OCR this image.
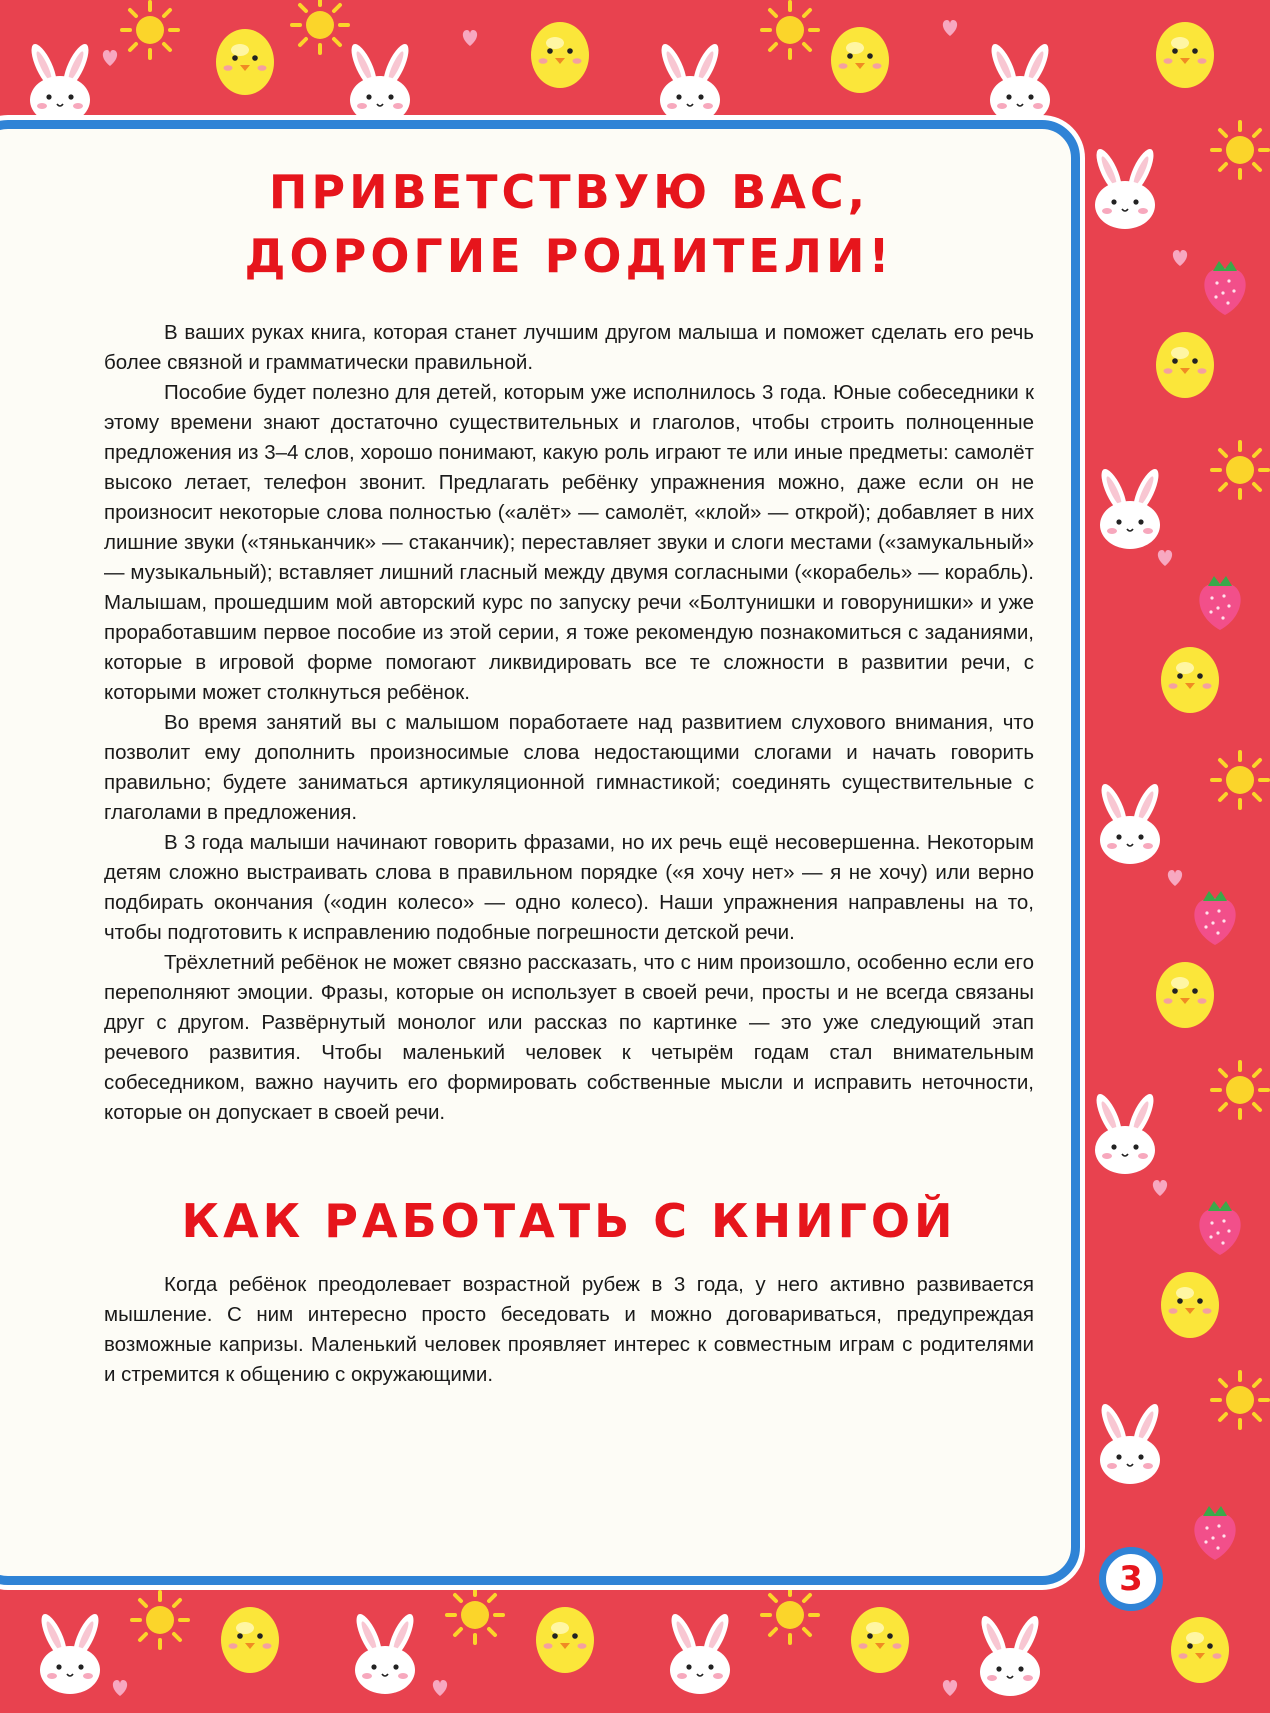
ПРИВЕТСТВУЮ ВАС,
ДОРОГИЕ РОДИТЕЛИ!

В ваших руках книга, которая станет лучшим другом малыша и поможет сделать его речь более связной и грамматически правильной.

Пособие будет полезно для детей, которым уже исполнилось 3 года. Юные собеседники к этому времени знают достаточно существительных и глаголов, чтобы строить полноценные предложения из 3–4 слов, хорошо понимают, какую роль играют те или иные предметы: самолёт высоко летает, телефон звонит. Предлагать ребёнку упражнения можно, даже если он не произносит некоторые слова полностью («алёт» — самолёт, «клой» — открой); добавляет в них лишние звуки («тяньканчик» — стаканчик); переставляет звуки и слоги местами («замукальный» — музыкальный); вставляет лишний гласный между двумя согласными («корабель» — корабль). Малышам, прошедшим мой авторский курс по запуску речи «Болтунишки и говорунишки» и уже проработавшим первое пособие из этой серии, я тоже рекомендую познакомиться с заданиями, которые в игровой форме помогают ликвидировать все те сложности в развитии речи, с которыми может столкнуться ребёнок.

Во время занятий вы с малышом поработаете над развитием слухового внимания, что позволит ему дополнить произносимые слова недостающими слогами и начать говорить правильно; будете заниматься артикуляционной гимнастикой; соединять существительные с глаголами в предложения.

В 3 года малыши начинают говорить фразами, но их речь ещё несовершенна. Некоторым детям сложно выстраивать слова в правильном порядке («я хочу нет» — я не хочу) или верно подбирать окончания («один колесо» — одно колесо). Наши упражнения направлены на то, чтобы подготовить к исправлению подобные погрешности детской речи.

Трёхлетний ребёнок не может связно рассказать, что с ним произошло, особенно если его переполняют эмоции. Фразы, которые он использует в своей речи, просты и не всегда связаны друг с другом. Развёрнутый монолог или рассказ по картинке — это уже следующий этап речевого развития. Чтобы маленький человек к четырём годам стал внимательным собеседником, важно научить его формировать собственные мысли и исправить неточности, которые он допускает в своей речи.

КАК РАБОТАТЬ С КНИГОЙ

Когда ребёнок преодолевает возрастной рубеж в 3 года, у него активно развивается мышление. С ним интересно просто беседовать и можно договариваться, предупреждая возможные капризы. Маленький человек проявляет интерес к совместным играм с родителями и стремится к общению с окружающими.

3
